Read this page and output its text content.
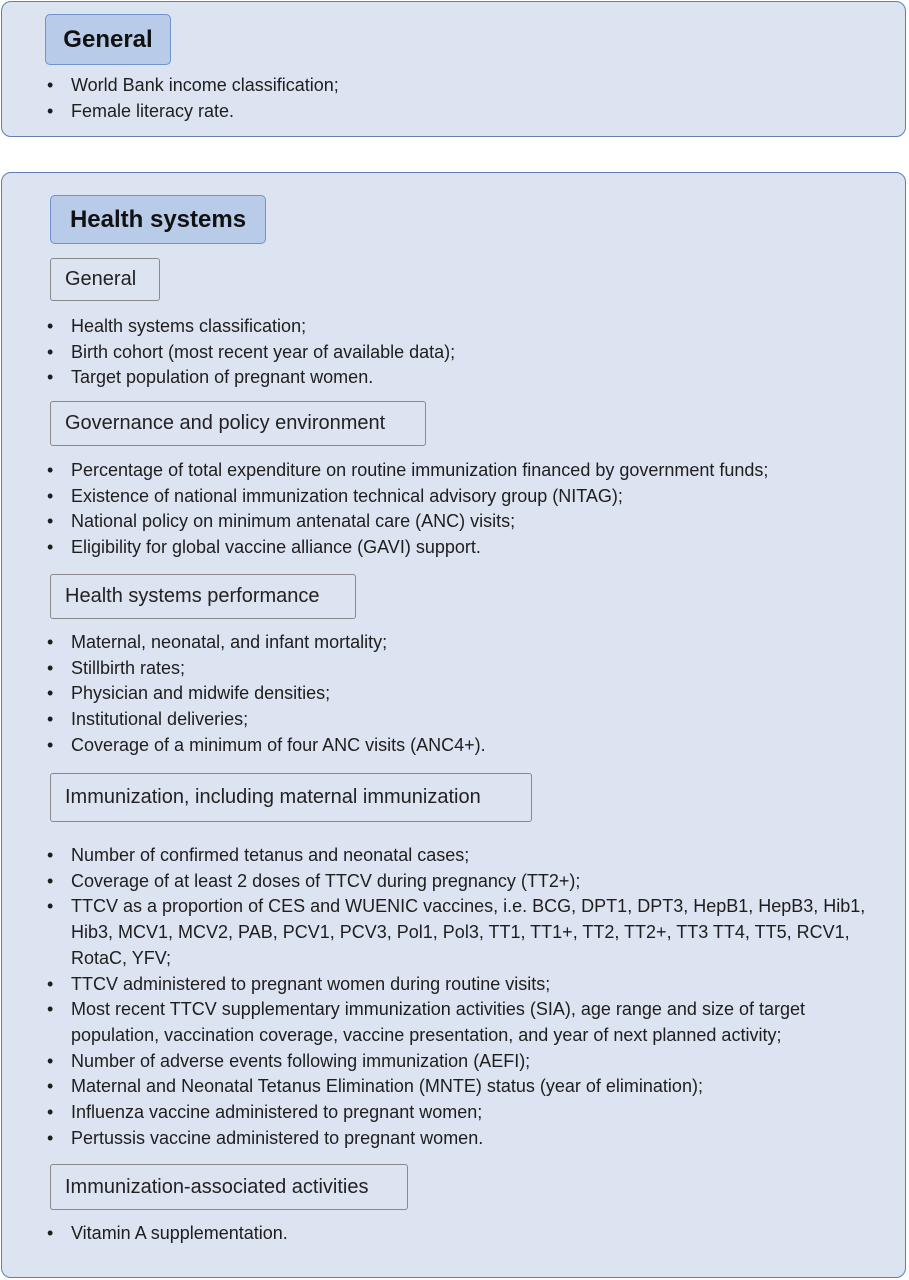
General
• World Bank income classification;
• Female literacy rate.
Health systems
General
• Health systems classification;
• Birth cohort (most recent year of available data);
• Target population of pregnant women.
Governance and policy environment
• Percentage of total expenditure on routine immunization financed by government funds;
• Existence of national immunization technical advisory group (NITAG);
• National policy on minimum antenatal care (ANC) visits;
• Eligibility for global vaccine alliance (GAVI) support.
Health systems performance
• Maternal, neonatal, and infant mortality;
• Stillbirth rates;
• Physician and midwife densities;
• Institutional deliveries;
• Coverage of a minimum of four ANC visits (ANC4+).
Immunization, including maternal immunization
• Number of confirmed tetanus and neonatal cases;
• Coverage of at least 2 doses of TTCV during pregnancy (TT2+);
• TTCV as a proportion of CES and WUENIC vaccines, i.e. BCG, DPT1, DPT3, HepB1, HepB3, Hib1, Hib3, MCV1, MCV2, PAB, PCV1, PCV3, Pol1, Pol3, TT1, TT1+, TT2, TT2+, TT3 TT4, TT5, RCV1, RotaC, YFV;
• TTCV administered to pregnant women during routine visits;
• Most recent TTCV supplementary immunization activities (SIA), age range and size of target population, vaccination coverage, vaccine presentation, and year of next planned activity;
• Number of adverse events following immunization (AEFI);
• Maternal and Neonatal Tetanus Elimination (MNTE) status (year of elimination);
• Influenza vaccine administered to pregnant women;
• Pertussis vaccine administered to pregnant women.
Immunization-associated activities
• Vitamin A supplementation.
